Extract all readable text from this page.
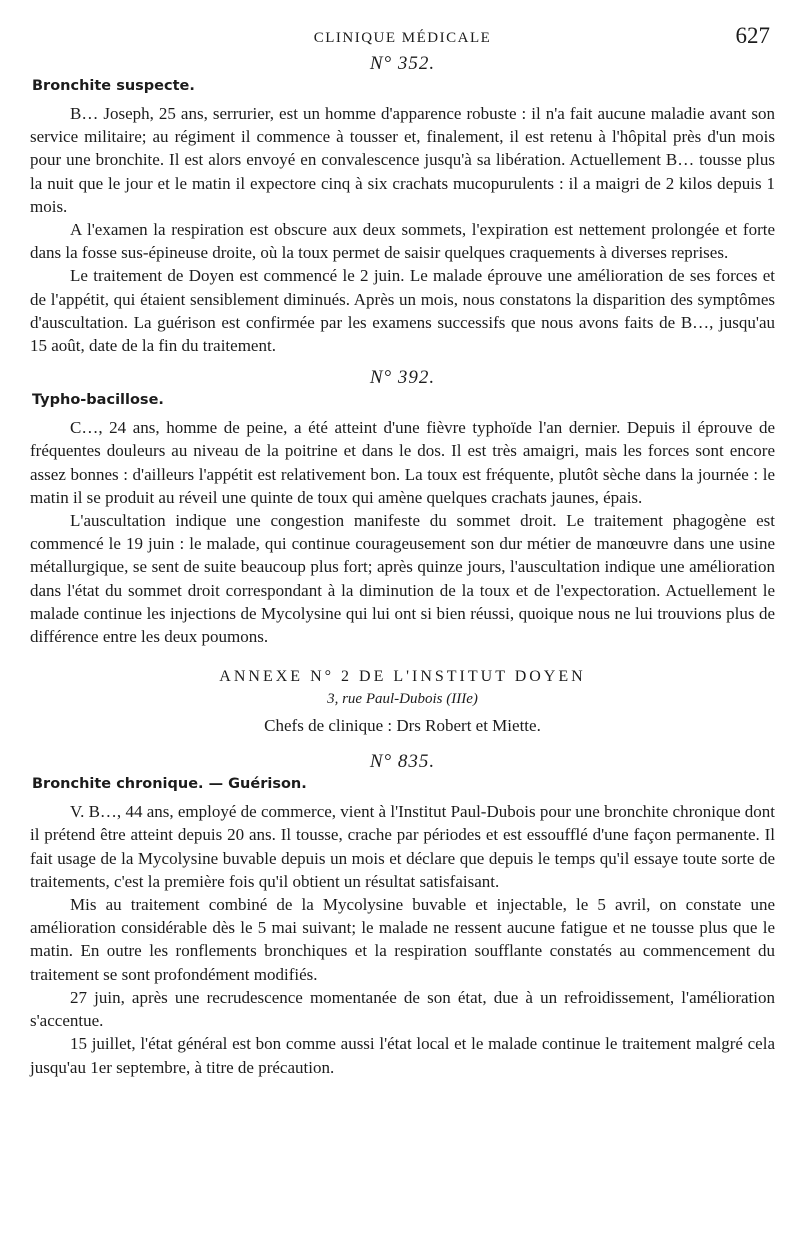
CLINIQUE MÉDICALE	627
N° 352.
Bronchite suspecte.

B… Joseph, 25 ans, serrurier, est un homme d'apparence robuste : il n'a fait aucune maladie avant son service militaire; au régiment il commence à tousser et, finalement, il est retenu à l'hôpital près d'un mois pour une bronchite. Il est alors envoyé en convalescence jusqu'à sa libération. Actuellement B… tousse plus la nuit que le jour et le matin il expectore cinq à six crachats mucopurulents : il a maigri de 2 kilos depuis 1 mois.

A l'examen la respiration est obscure aux deux sommets, l'expiration est nettement prolongée et forte dans la fosse sus-épineuse droite, où la toux permet de saisir quelques craquements à diverses reprises.

Le traitement de Doyen est commencé le 2 juin. Le malade éprouve une amélioration de ses forces et de l'appétit, qui étaient sensiblement diminués. Après un mois, nous constatons la disparition des symptômes d'auscultation. La guérison est confirmée par les examens successifs que nous avons faits de B…, jusqu'au 15 août, date de la fin du traitement.

N° 392.
Typho-bacillose.

C…, 24 ans, homme de peine, a été atteint d'une fièvre typhoïde l'an dernier. Depuis il éprouve de fréquentes douleurs au niveau de la poitrine et dans le dos. Il est très amaigri, mais les forces sont encore assez bonnes : d'ailleurs l'appétit est relativement bon. La toux est fréquente, plutôt sèche dans la journée : le matin il se produit au réveil une quinte de toux qui amène quelques crachats jaunes, épais.

L'auscultation indique une congestion manifeste du sommet droit. Le traitement phagogène est commencé le 19 juin : le malade, qui continue courageusement son dur métier de manœuvre dans une usine métallurgique, se sent de suite beaucoup plus fort; après quinze jours, l'auscultation indique une amélioration dans l'état du sommet droit correspondant à la diminution de la toux et de l'expectoration. Actuellement le malade continue les injections de Mycolysine qui lui ont si bien réussi, quoique nous ne lui trouvions plus de différence entre les deux poumons.

ANNEXE N° 2 DE L'INSTITUT DOYEN
3, rue Paul-Dubois (IIIe)
Chefs de clinique : Drs Robert et Miette.
N° 835.
Bronchite chronique. — Guérison.

V. B…, 44 ans, employé de commerce, vient à l'Institut Paul-Dubois pour une bronchite chronique dont il prétend être atteint depuis 20 ans. Il tousse, crache par périodes et est essoufflé d'une façon permanente. Il fait usage de la Mycolysine buvable depuis un mois et déclare que depuis le temps qu'il essaye toute sorte de traitements, c'est la première fois qu'il obtient un résultat satisfaisant.

Mis au traitement combiné de la Mycolysine buvable et injectable, le 5 avril, on constate une amélioration considérable dès le 5 mai suivant; le malade ne ressent aucune fatigue et ne tousse plus que le matin. En outre les ronflements bronchiques et la respiration soufflante constatés au commencement du traitement se sont profondément modifiés.

27 juin, après une recrudescence momentanée de son état, due à un refroidissement, l'amélioration s'accentue.

15 juillet, l'état général est bon comme aussi l'état local et le malade continue le traitement malgré cela jusqu'au 1er septembre, à titre de précaution.
